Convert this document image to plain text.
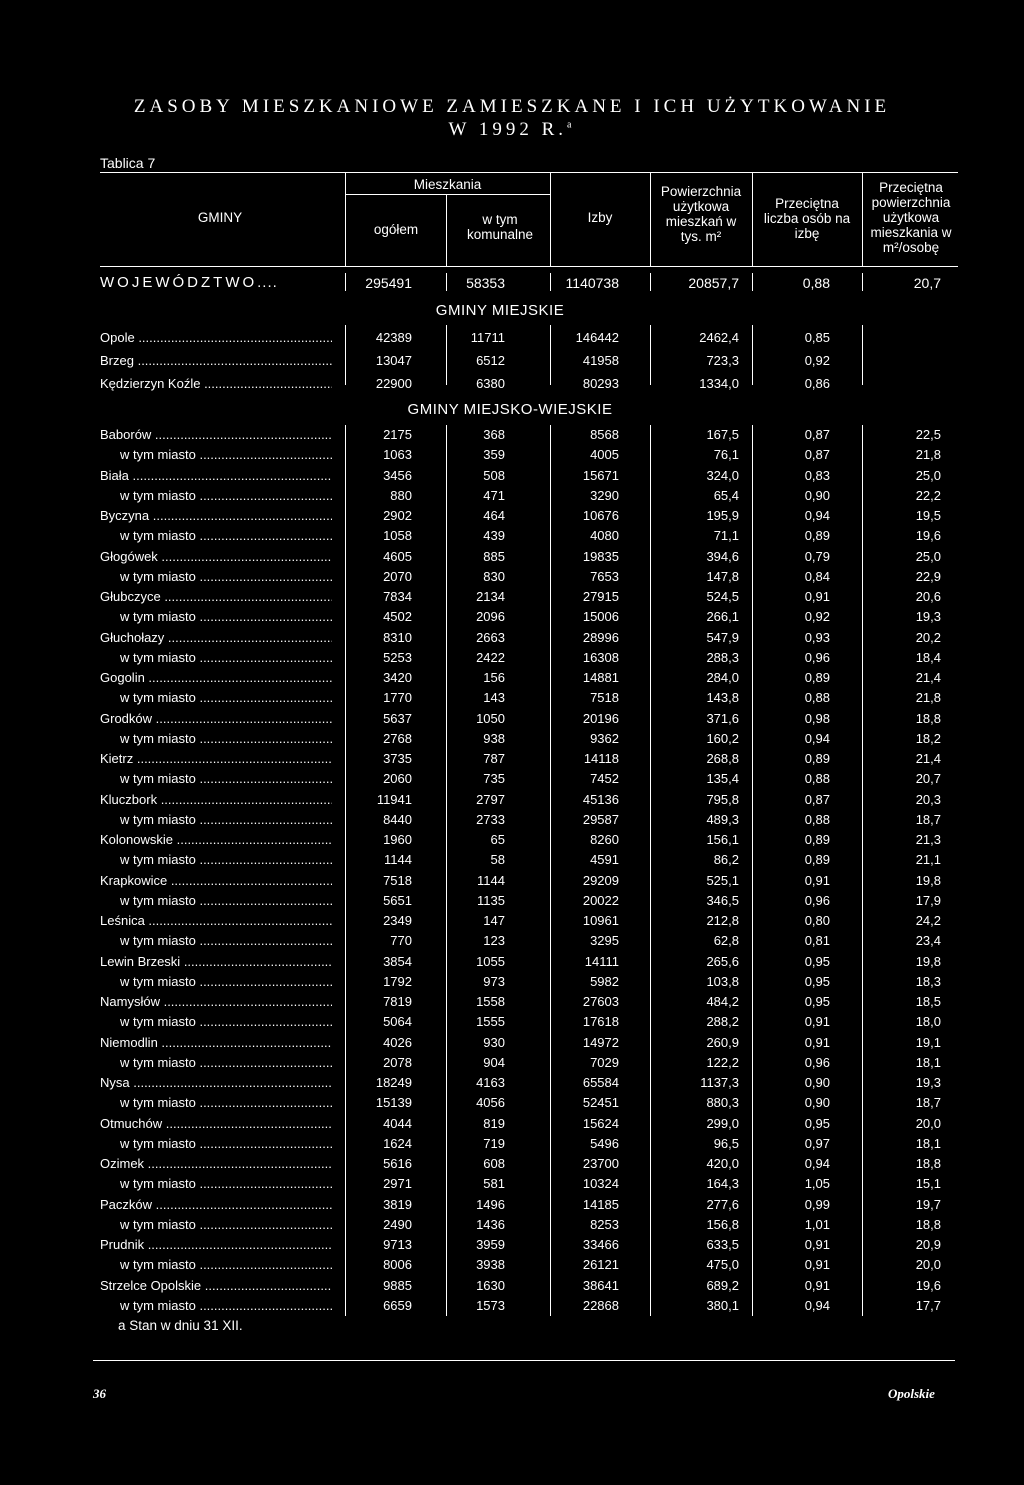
ZASOBY MIESZKANIOWE ZAMIESZKANE I ICH UŻYTKOWANIE
W 1992 R.$^a$
Tablica 7
GMINY
Mieszkania
ogółem
w tym komunalne
Izby
Powierzchnia użytkowa mieszkań w tys. m²
Przeciętna liczba osób na izbę
Przeciętna powierzchnia użytkowa mieszkania w m²/osobę
GMINY MIEJSKIE
GMINY MIEJSKO-WIEJSKIE
a Stan w dniu 31 XII.
36	Opolskie
WOJEWÓDZTWO ....	295491	58353	1140738	20857,7	0,88	20,7
Opole .....	42389	11711	146442	2462,4	0,85
Brzeg .....	13047	6512	41958	723,3	0,92
Kędzierzyn Koźle .....	22900	6380	80293	1334,0	0,86
Baborów .....	2175	368	8568	167,5	0,87	22,5
w tym miasto .....	1063	359	4005	76,1	0,87	21,8
Biała .....	3456	508	15671	324,0	0,83	25,0
w tym miasto .....	880	471	3290	65,4	0,90	22,2
Byczyna .....	2902	464	10676	195,9	0,94	19,5
w tym miasto .....	1058	439	4080	71,1	0,89	19,6
Głogówek .....	4605	885	19835	394,6	0,79	25,0
w tym miasto .....	2070	830	7653	147,8	0,84	22,9
Głubczyce .....	7834	2134	27915	524,5	0,91	20,6
w tym miasto .....	4502	2096	15006	266,1	0,92	19,3
Głuchołazy .....	8310	2663	28996	547,9	0,93	20,2
w tym miasto .....	5253	2422	16308	288,3	0,96	18,4
Gogolin .....	3420	156	14881	284,0	0,89	21,4
w tym miasto .....	1770	143	7518	143,8	0,88	21,8
Grodków .....	5637	1050	20196	371,6	0,98	18,8
w tym miasto .....	2768	938	9362	160,2	0,94	18,2
Kietrz .....	3735	787	14118	268,8	0,89	21,4
w tym miasto .....	2060	735	7452	135,4	0,88	20,7
Kluczbork .....	11941	2797	45136	795,8	0,87	20,3
w tym miasto .....	8440	2733	29587	489,3	0,88	18,7
Kolonowskie .....	1960	65	8260	156,1	0,89	21,3
w tym miasto .....	1144	58	4591	86,2	0,89	21,1
Krapkowice .....	7518	1144	29209	525,1	0,91	19,8
w tym miasto .....	5651	1135	20022	346,5	0,96	17,9
Leśnica .....	2349	147	10961	212,8	0,80	24,2
w tym miasto .....	770	123	3295	62,8	0,81	23,4
Lewin Brzeski .....	3854	1055	14111	265,6	0,95	19,8
w tym miasto .....	1792	973	5982	103,8	0,95	18,3
Namysłów .....	7819	1558	27603	484,2	0,95	18,5
w tym miasto .....	5064	1555	17618	288,2	0,91	18,0
Niemodlin .....	4026	930	14972	260,9	0,91	19,1
w tym miasto .....	2078	904	7029	122,2	0,96	18,1
Nysa .....	18249	4163	65584	1137,3	0,90	19,3
w tym miasto .....	15139	4056	52451	880,3	0,90	18,7
Otmuchów .....	4044	819	15624	299,0	0,95	20,0
w tym miasto .....	1624	719	5496	96,5	0,97	18,1
Ozimek .....	5616	608	23700	420,0	0,94	18,8
w tym miasto .....	2971	581	10324	164,3	1,05	15,1
Paczków .....	3819	1496	14185	277,6	0,99	19,7
w tym miasto .....	2490	1436	8253	156,8	1,01	18,8
Prudnik .....	9713	3959	33466	633,5	0,91	20,9
w tym miasto .....	8006	3938	26121	475,0	0,91	20,0
Strzelce Opolskie .....	9885	1630	38641	689,2	0,91	19,6
w tym miasto .....	6659	1573	22868	380,1	0,94	17,7
